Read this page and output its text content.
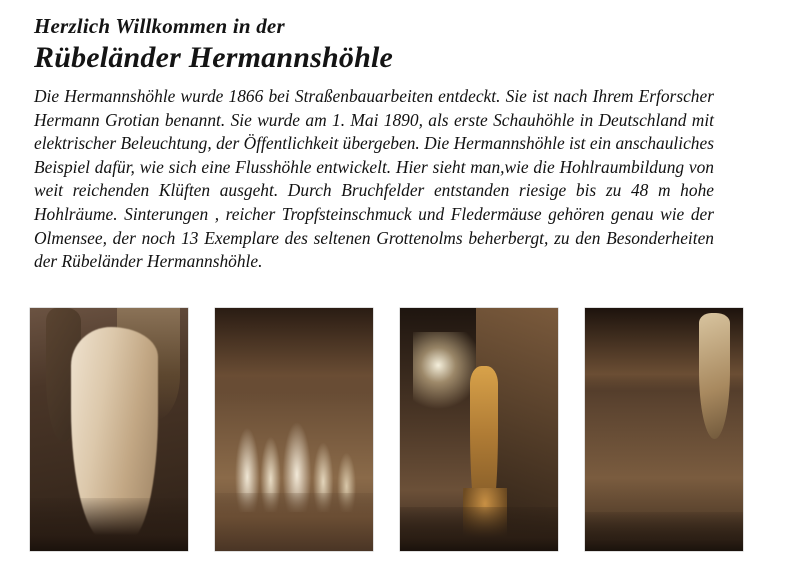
Herzlich Willkommen in der
Rübeländer Hermannshöhle

Die Hermannshöhle wurde 1866 bei Straßenbauarbeiten entdeckt. Sie ist nach Ihrem Erforscher Hermann Grotian benannt. Sie wurde am 1. Mai 1890, als erste Schauhöhle in Deutschland mit elektrischer Beleuchtung, der Öffentlichkeit übergeben. Die Hermannshöhle ist ein anschauliches Beispiel dafür, wie sich eine Flusshöhle entwickelt. Hier sieht man,wie die Hohlraumbildung von weit reichenden Klüften ausgeht. Durch Bruchfelder entstanden riesige bis zu 48 m hohe Hohlräume. Sinterungen , reicher Tropfsteinschmuck und Fledermäuse gehören genau wie der Olmensee, der noch 13 Exemplare des seltenen Grottenolms beherbergt, zu den Besonderheiten der Rübeländer Hermannshöhle.
